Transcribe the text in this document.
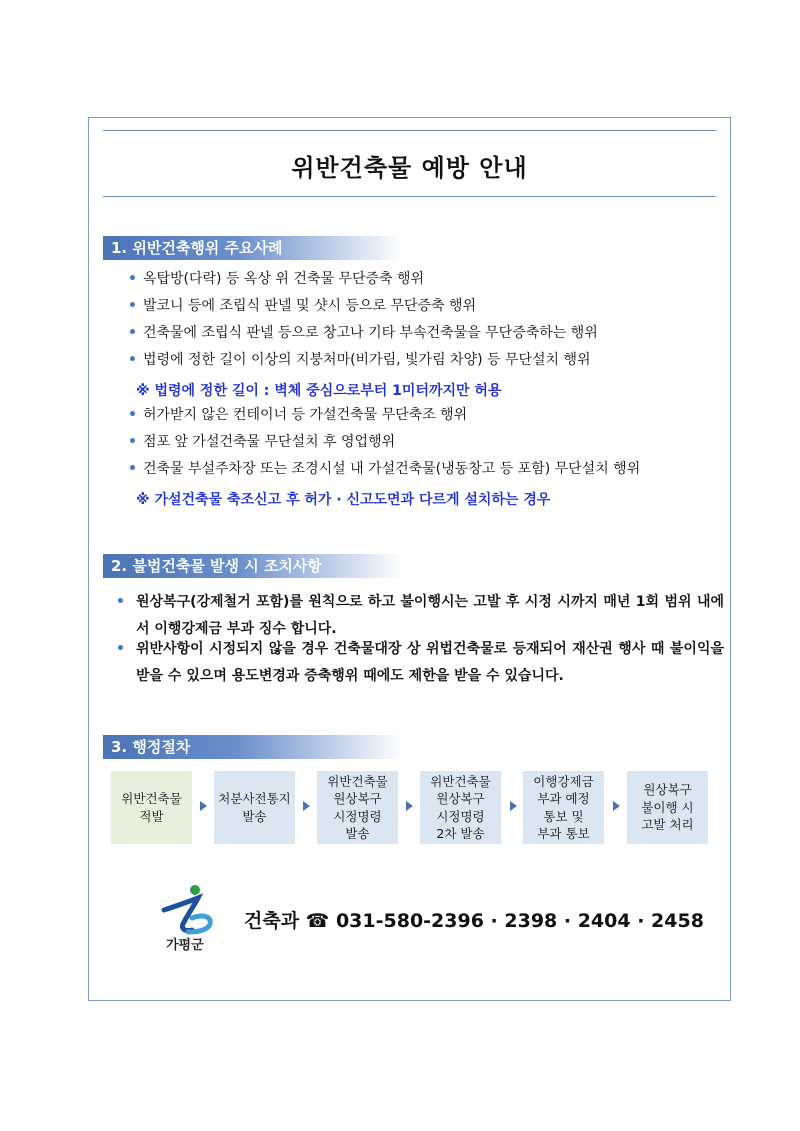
위반건축물 예방 안내
1. 위반건축행위 주요사례
• 옥탑방(다락) 등 옥상 위 건축물 무단증축 행위
• 발코니 등에 조립식 판넬 및 샷시 등으로 무단증축 행위
• 건축물에 조립식 판넬 등으로 창고나 기타 부속건축물을 무단증축하는 행위
• 법령에 정한 길이 이상의 지붕처마(비가림, 빛가림 차양) 등 무단설치 행위
※ 법령에 정한 길이 : 벽체 중심으로부터 1미터까지만 허용
• 허가받지 않은 컨테이너 등 가설건축물 무단축조 행위
• 점포 앞 가설건축물 무단설치 후 영업행위
• 건축물 부설주차장 또는 조경시설 내 가설건축물(냉동창고 등 포함) 무단설치 행위
※ 가설건축물 축조신고 후 허가 · 신고도면과 다르게 설치하는 경우
2. 불법건축물 발생 시 조치사항
• 원상복구(강제철거 포함)를 원칙으로 하고 불이행시는 고발 후 시정 시까지 매년 1회 범위 내에서 이행강제금 부과 징수 합니다.
• 위반사항이 시정되지 않을 경우 건축물대장 상 위법건축물로 등재되어 재산권 행사 때 불이익을 받을 수 있으며 용도변경과 증축행위 때에도 제한을 받을 수 있습니다.
3. 행정절차
위반건축물
적발
처분사전통지
발송
위반건축물
원상복구
시정명령
발송
위반건축물
원상복구
시정명령
2차 발송
이행강제금
부과 예정
통보 및
부과 통보
원상복구
불이행 시
고발 처리
가평군
건축과 ☎ 031-580-2396 · 2398 · 2404 · 2458
